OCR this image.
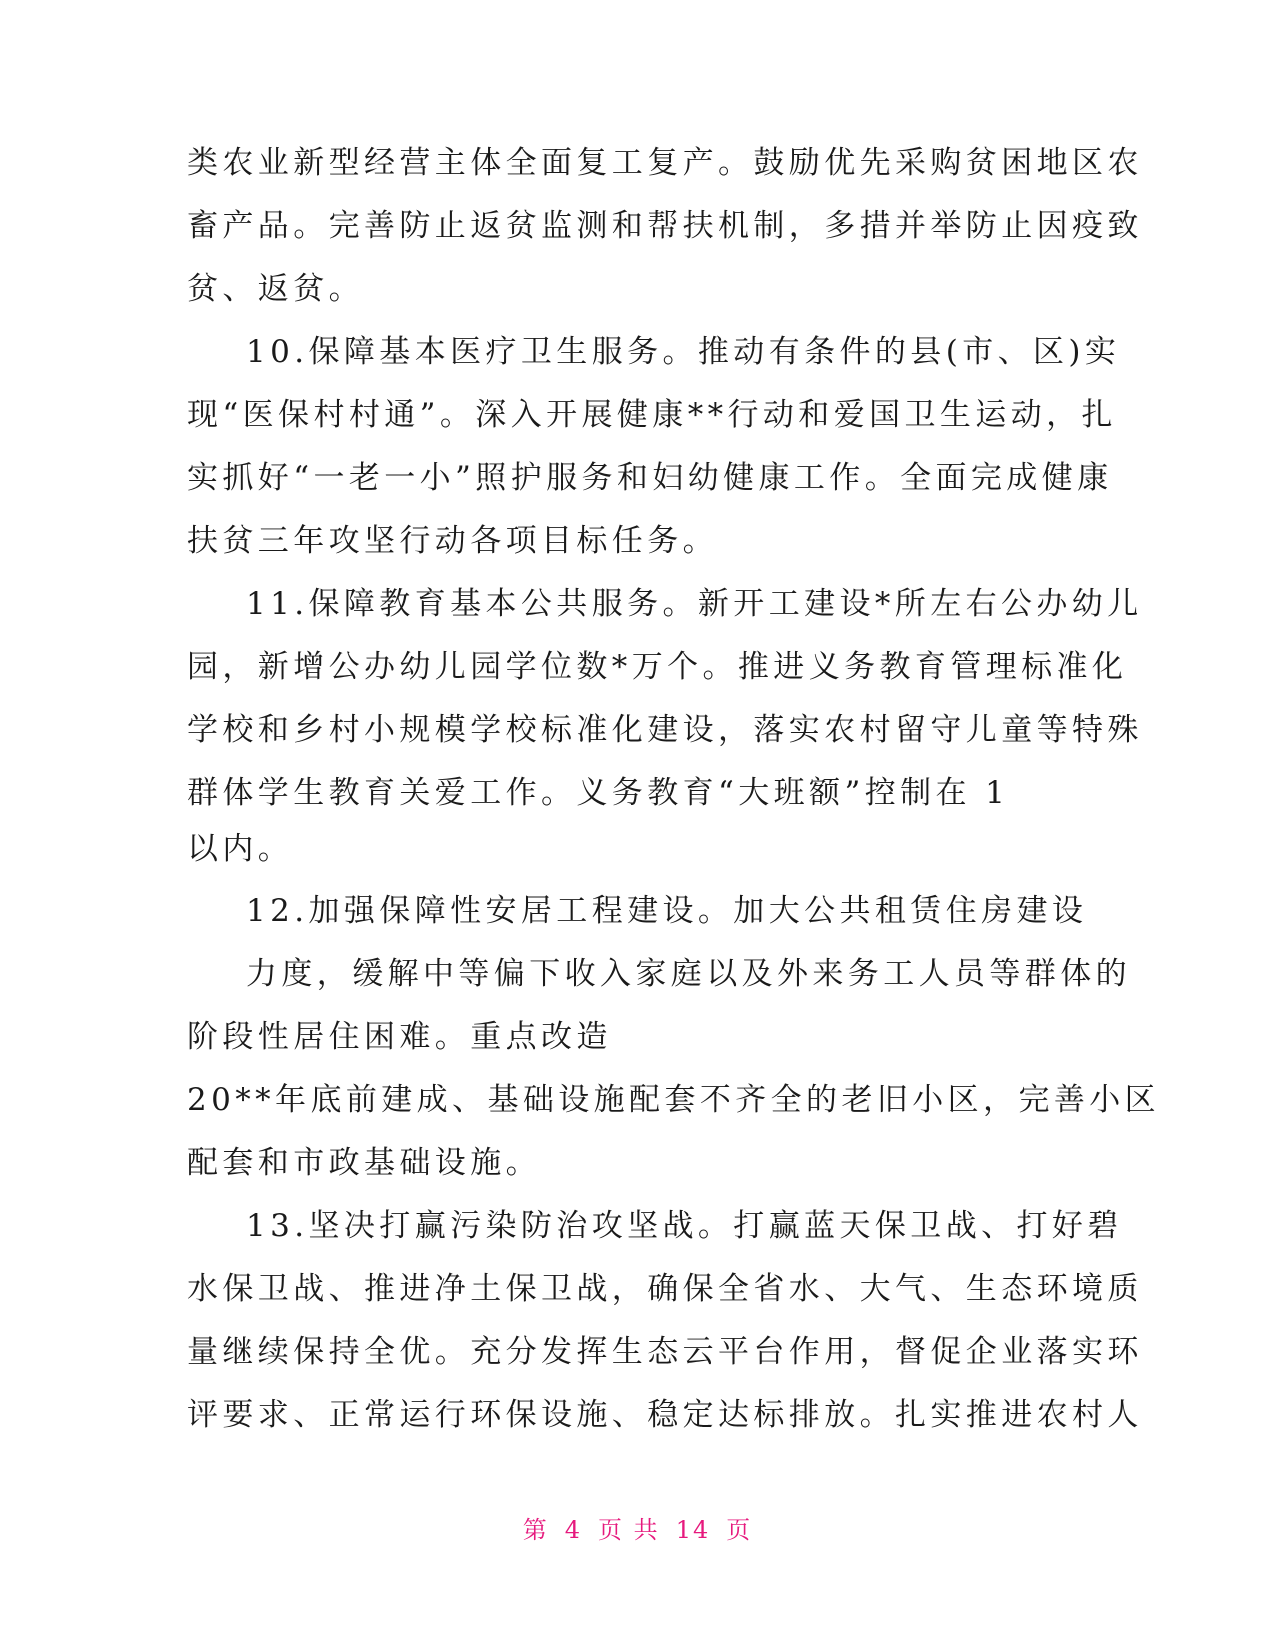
类农业新型经营主体全面复工复产。鼓励优先采购贫困地区农
畜产品。完善防止返贫监测和帮扶机制，多措并举防止因疫致
贫、返贫。
10.保障基本医疗卫生服务。推动有条件的县(市、区)实
现“医保村村通”。深入开展健康**行动和爱国卫生运动，扎
实抓好“一老一小”照护服务和妇幼健康工作。全面完成健康
扶贫三年攻坚行动各项目标任务。
11.保障教育基本公共服务。新开工建设*所左右公办幼儿
园，新增公办幼儿园学位数*万个。推进义务教育管理标准化
学校和乡村小规模学校标准化建设，落实农村留守儿童等特殊
群体学生教育关爱工作。义务教育“大班额”控制在 1
以内。
12.加强保障性安居工程建设。加大公共租赁住房建设
力度，缓解中等偏下收入家庭以及外来务工人员等群体的
阶段性居住困难。重点改造
20**年底前建成、基础设施配套不齐全的老旧小区，完善小区
配套和市政基础设施。
13.坚决打赢污染防治攻坚战。打赢蓝天保卫战、打好碧
水保卫战、推进净土保卫战，确保全省水、大气、生态环境质
量继续保持全优。充分发挥生态云平台作用，督促企业落实环
评要求、正常运行环保设施、稳定达标排放。扎实推进农村人
第 4 页 共 14 页
